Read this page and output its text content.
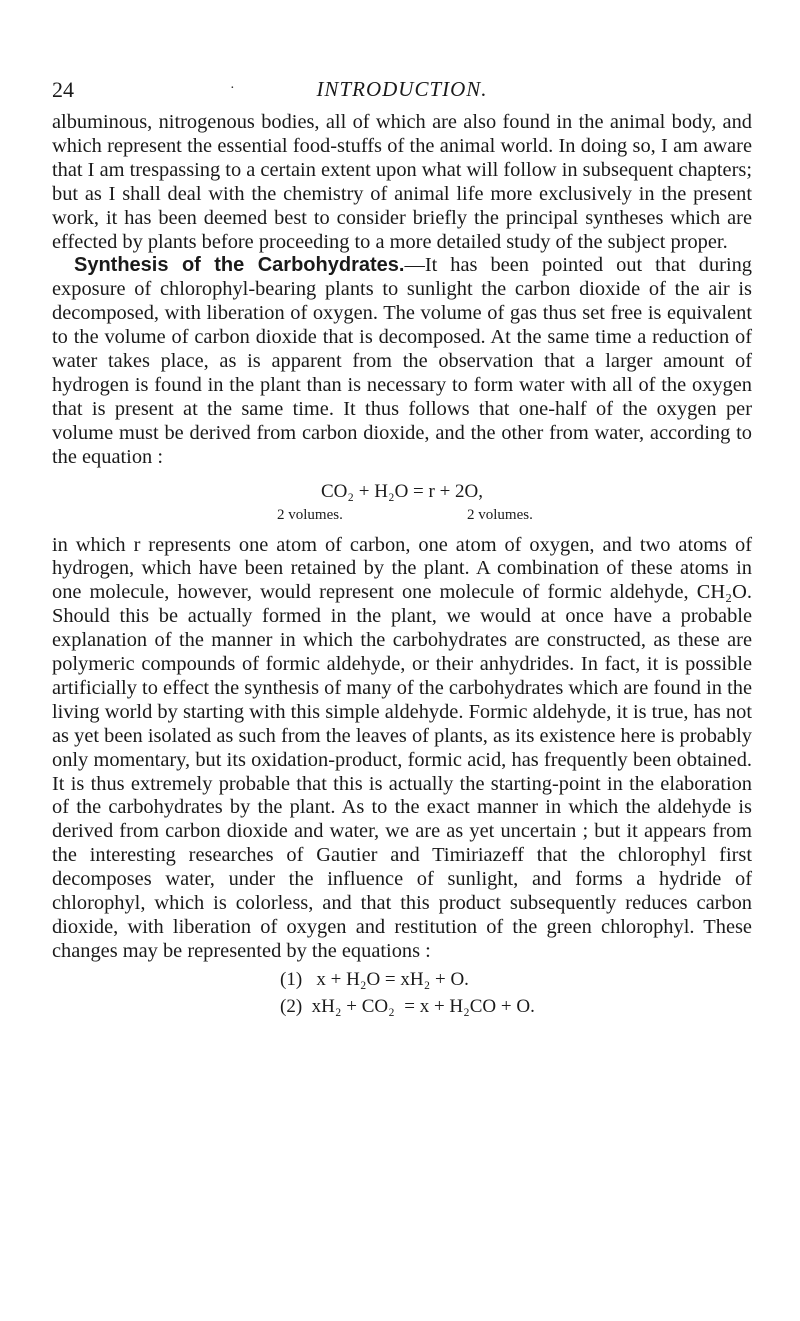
24	·	INTRODUCTION.

albuminous, nitrogenous bodies, all of which are also found in the animal body, and which represent the essential food-stuffs of the animal world. In doing so, I am aware that I am trespassing to a certain extent upon what will follow in subsequent chapters; but as I shall deal with the chemistry of animal life more exclusively in the present work, it has been deemed best to consider briefly the principal syntheses which are effected by plants before proceeding to a more detailed study of the subject proper.

Synthesis of the Carbohydrates.—It has been pointed out that during exposure of chlorophyl-bearing plants to sunlight the carbon dioxide of the air is decomposed, with liberation of oxygen. The volume of gas thus set free is equivalent to the volume of carbon dioxide that is decomposed. At the same time a reduction of water takes place, as is apparent from the observation that a larger amount of hydrogen is found in the plant than is necessary to form water with all of the oxygen that is present at the same time. It thus follows that one-half of the oxygen per volume must be derived from carbon dioxide, and the other from water, according to the equation :

CO₂ + H₂O = r + 2O,
2 volumes.	2 volumes.

in which r represents one atom of carbon, one atom of oxygen, and two atoms of hydrogen, which have been retained by the plant. A combination of these atoms in one molecule, however, would represent one molecule of formic aldehyde, CH₂O. Should this be actually formed in the plant, we would at once have a probable explanation of the manner in which the carbohydrates are constructed, as these are polymeric compounds of formic aldehyde, or their anhydrides. In fact, it is possible artificially to effect the synthesis of many of the carbohydrates which are found in the living world by starting with this simple aldehyde. Formic aldehyde, it is true, has not as yet been isolated as such from the leaves of plants, as its existence here is probably only momentary, but its oxidation-product, formic acid, has frequently been obtained. It is thus extremely probable that this is actually the starting-point in the elaboration of the carbohydrates by the plant. As to the exact manner in which the aldehyde is derived from carbon dioxide and water, we are as yet uncertain ; but it appears from the interesting researches of Gautier and Timiriazeff that the chlorophyl first decomposes water, under the influence of sunlight, and forms a hydride of chlorophyl, which is colorless, and that this product subsequently reduces carbon dioxide, with liberation of oxygen and restitution of the green chlorophyl. These changes may be represented by the equations :

(1)   x + H₂O = xH₂ + O.
(2)  xH₂ + CO₂  = x + H₂CO + O.
